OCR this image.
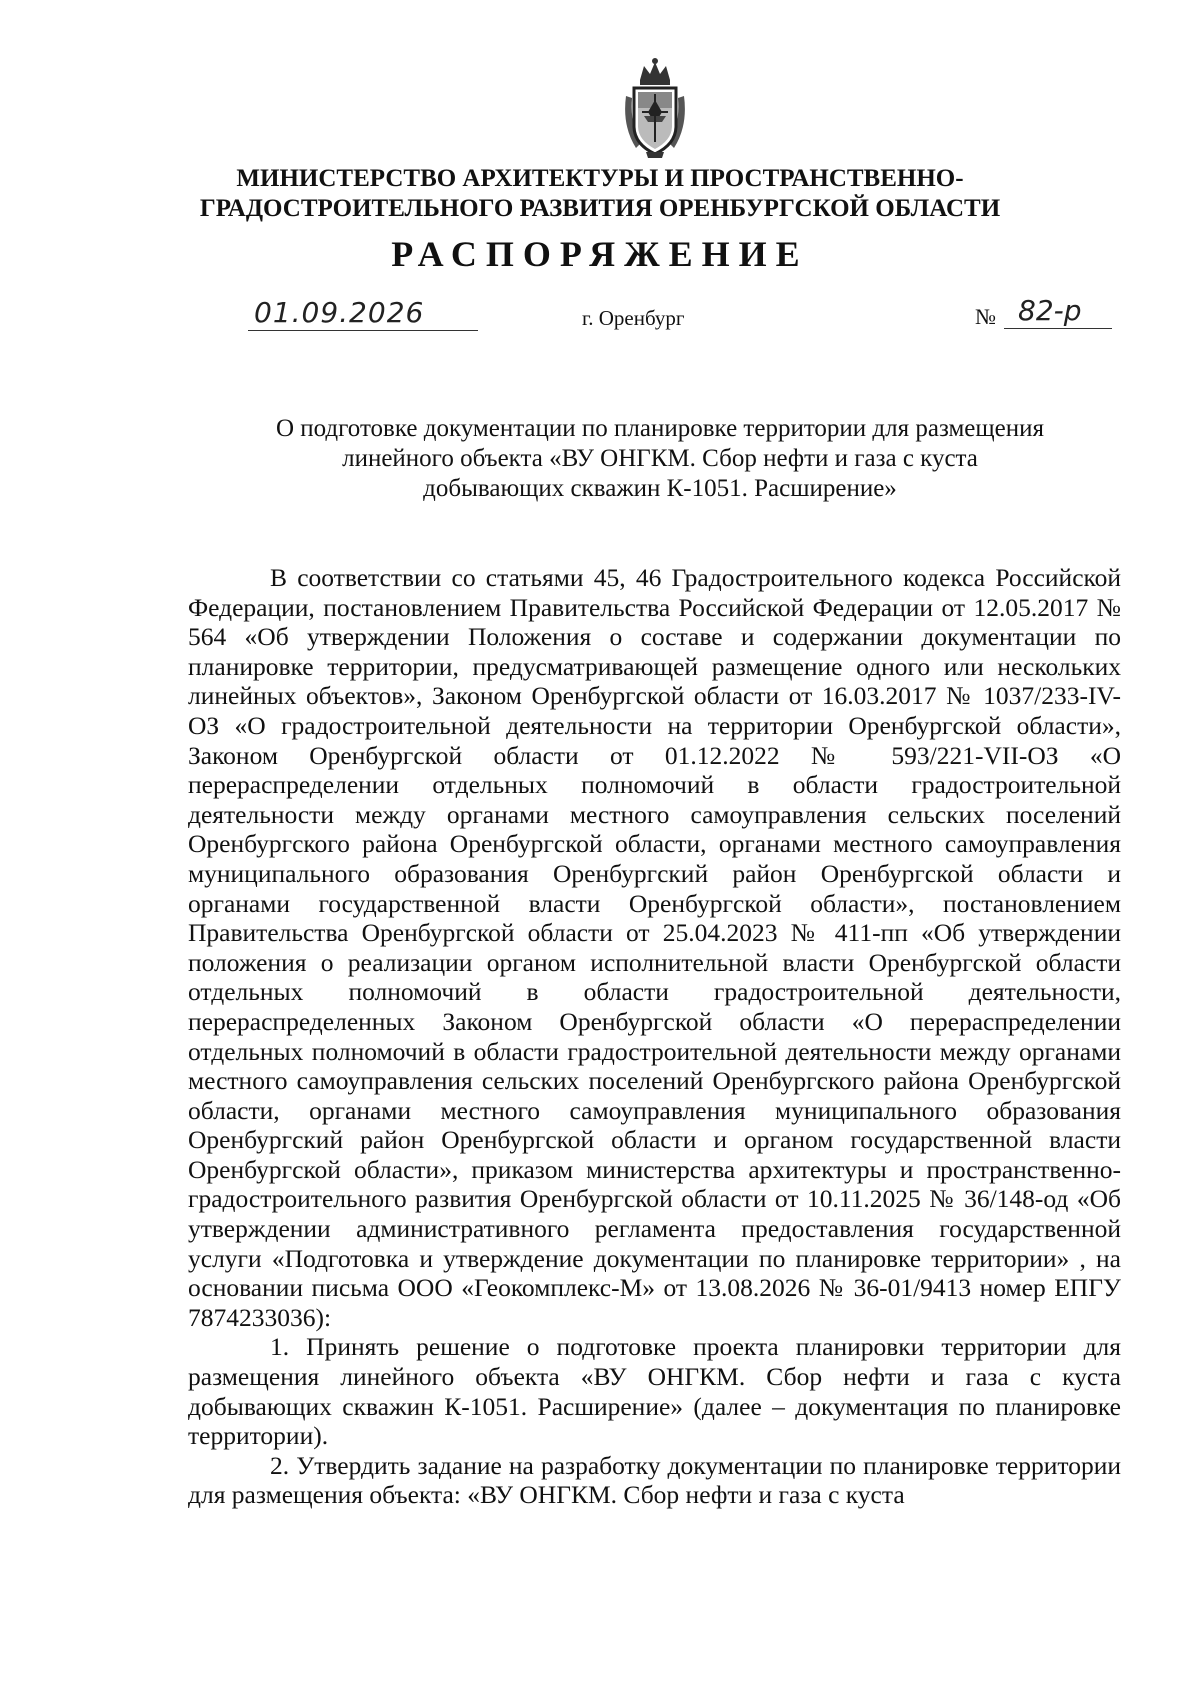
МИНИСТЕРСТВО АРХИТЕКТУРЫ И ПРОСТРАНСТВЕННО-
ГРАДОСТРОИТЕЛЬНОГО РАЗВИТИЯ ОРЕНБУРГСКОЙ ОБЛАСТИ
РАСПОРЯЖЕНИЕ
01.09.2026	г. Оренбург	№ 82-р
О подготовке документации по планировке территории для размещения
линейного объекта «ВУ ОНГКМ. Сбор нефти и газа с куста
добывающих скважин К-1051. Расширение»

В соответствии со статьями 45, 46 Градостроительного кодекса Российской Федерации, постановлением Правительства Российской Федерации от 12.05.2017 № 564 «Об утверждении Положения о составе и содержании документации по планировке территории, предусматривающей размещение одного или нескольких линейных объектов», Законом Оренбургской области от 16.03.2017 № 1037/233-IV-ОЗ «О градостроительной деятельности на территории Оренбургской области», Законом Оренбургской области от 01.12.2022 № 593/221-VII-ОЗ «О перераспределении отдельных полномочий в области градостроительной деятельности между органами местного самоуправления сельских поселений Оренбургского района Оренбургской области, органами местного самоуправления муниципального образования Оренбургский район Оренбургской области и органами государственной власти Оренбургской области», постановлением Правительства Оренбургской области от 25.04.2023 № 411-пп «Об утверждении положения о реализации органом исполнительной власти Оренбургской области отдельных полномочий в области градостроительной деятельности, перераспределенных Законом Оренбургской области «О перераспределении отдельных полномочий в области градостроительной деятельности между органами местного самоуправления сельских поселений Оренбургского района Оренбургской области, органами местного самоуправления муниципального образования Оренбургский район Оренбургской области и органом государственной власти Оренбургской области», приказом министерства архитектуры и пространственно-градостроительного развития Оренбургской области от 10.11.2025 № 36/148-од «Об утверждении административного регламента предоставления государственной услуги «Подготовка и утверждение документации по планировке территории» , на основании письма ООО «Геокомплекс-М» от 13.08.2026 № 36-01/9413 номер ЕПГУ 7874233036):

1. Принять решение о подготовке проекта планировки территории для размещения линейного объекта «ВУ ОНГКМ. Сбор нефти и газа с куста добывающих скважин К-1051. Расширение» (далее – документация по планировке территории).

2. Утвердить задание на разработку документации по планировке территории для размещения объекта: «ВУ ОНГКМ. Сбор нефти и газа с куста
